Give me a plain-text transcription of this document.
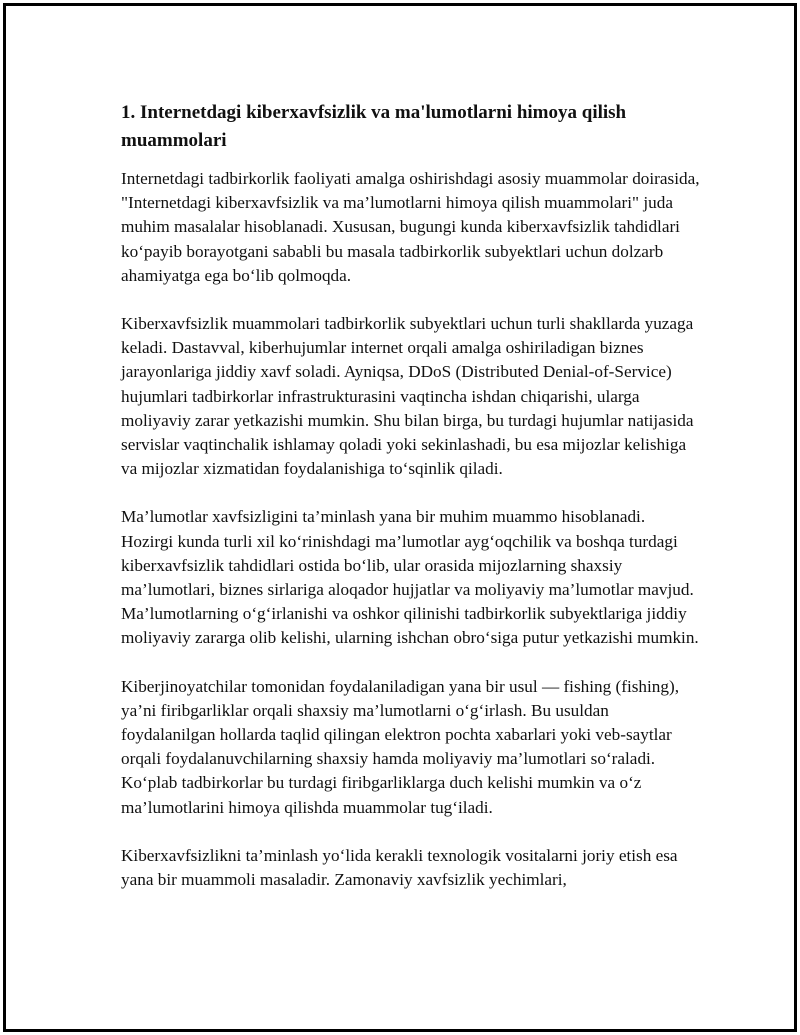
1. Internetdagi kiberxavfsizlik va ma'lumotlarni himoya qilish muammolari

Internetdagi tadbirkorlik faoliyati amalga oshirishdagi asosiy muammolar doirasida, "Internetdagi kiberxavfsizlik va ma’lumotlarni himoya qilish muammolari" juda muhim masalalar hisoblanadi. Xususan, bugungi kunda kiberxavfsizlik tahdidlari ko‘payib borayotgani sababli bu masala tadbirkorlik subyektlari uchun dolzarb ahamiyatga ega bo‘lib qolmoqda.

Kiberxavfsizlik muammolari tadbirkorlik subyektlari uchun turli shakllarda yuzaga keladi. Dastavval, kiberhujumlar internet orqali amalga oshiriladigan biznes jarayonlariga jiddiy xavf soladi. Ayniqsa, DDoS (Distributed Denial-of-Service) hujumlari tadbirkorlar infrastrukturasini vaqtincha ishdan chiqarishi, ularga moliyaviy zarar yetkazishi mumkin. Shu bilan birga, bu turdagi hujumlar natijasida servislar vaqtinchalik ishlamay qoladi yoki sekinlashadi, bu esa mijozlar kelishiga va mijozlar xizmatidan foydalanishiga to‘sqinlik qiladi.

Ma’lumotlar xavfsizligini ta’minlash yana bir muhim muammo hisoblanadi. Hozirgi kunda turli xil ko‘rinishdagi ma’lumotlar ayg‘oqchilik va boshqa turdagi kiberxavfsizlik tahdidlari ostida bo‘lib, ular orasida mijozlarning shaxsiy ma’lumotlari, biznes sirlariga aloqador hujjatlar va moliyaviy ma’lumotlar mavjud. Ma’lumotlarning o‘g‘irlanishi va oshkor qilinishi tadbirkorlik subyektlariga jiddiy moliyaviy zararga olib kelishi, ularning ishchan obro‘siga putur yetkazishi mumkin.

Kiberjinoyatchilar tomonidan foydalaniladigan yana bir usul — fishing (fishing), ya’ni firibgarliklar orqali shaxsiy ma’lumotlarni o‘g‘irlash. Bu usuldan foydalanilgan hollarda taqlid qilingan elektron pochta xabarlari yoki veb-saytlar orqali foydalanuvchilarning shaxsiy hamda moliyaviy ma’lumotlari so‘raladi. Ko‘plab tadbirkorlar bu turdagi firibgarliklarga duch kelishi mumkin va o‘z ma’lumotlarini himoya qilishda muammolar tug‘iladi.

Kiberxavfsizlikni ta’minlash yo‘lida kerakli texnologik vositalarni joriy etish esa yana bir muammoli masaladir. Zamonaviy xavfsizlik yechimlari,
